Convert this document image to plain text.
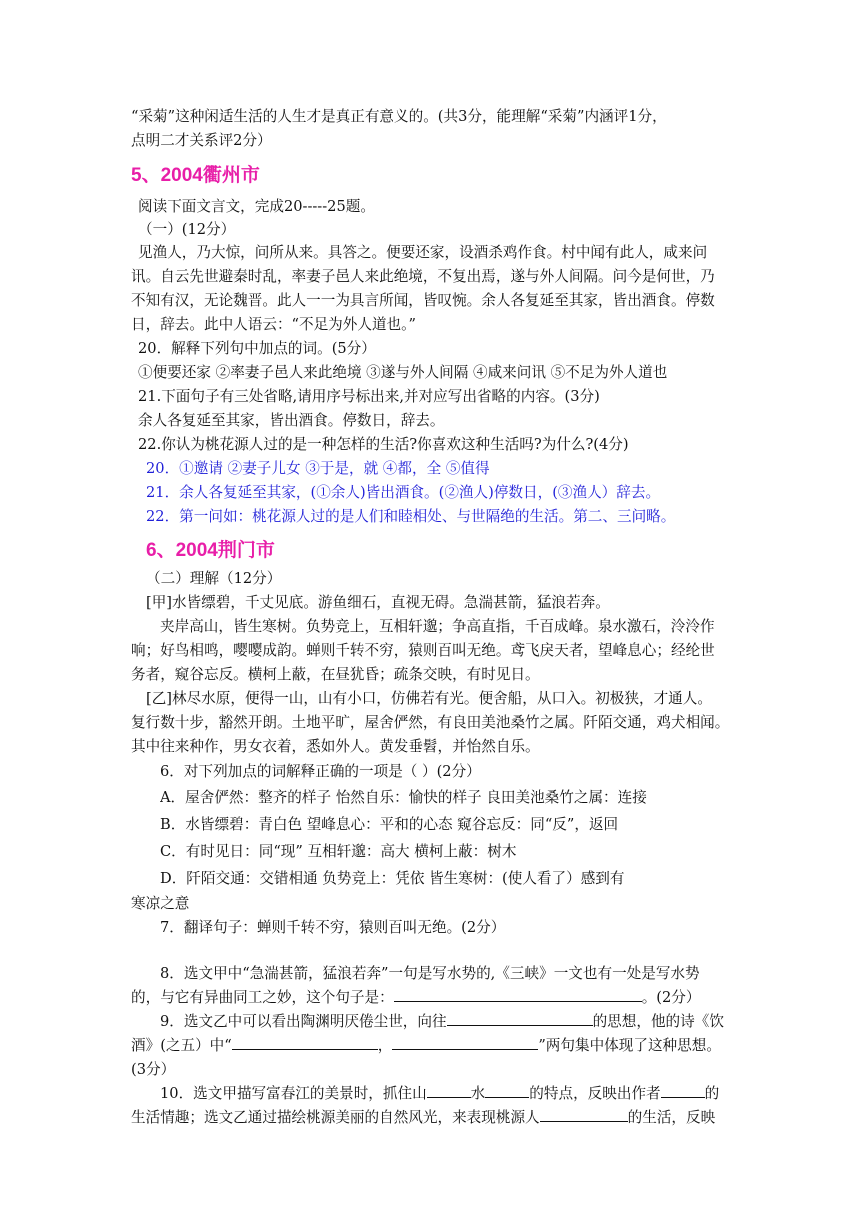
“采菊”这种闲适生活的人生才是真正有意义的。(共3分，能理解“采菊”内涵评1分，
点明二才关系评2分）
5、2004衢州市
阅读下面文言文，完成20-----25题。
（一）(12分）
见渔人，乃大惊，问所从来。具答之。便要还家，设酒杀鸡作食。村中闻有此人，咸来问
讯。自云先世避秦时乱，率妻子邑人来此绝境，不复出焉，遂与外人间隔。问今是何世，乃
不知有汉，无论魏晋。此人一一为具言所闻，皆叹惋。余人各复延至其家，皆出酒食。停数
日，辞去。此中人语云：“不足为外人道也。”
20．解释下列句中加点的词。(5分）
①便要还家 ②率妻子邑人来此绝境 ③遂与外人间隔 ④咸来问讯 ⑤不足为外人道也
21.下面句子有三处省略,请用序号标出来,并对应写出省略的内容。(3分)
余人各复延至其家，皆出酒食。停数日，辞去。
22.你认为桃花源人过的是一种怎样的生活?你喜欢这种生活吗?为什么?(4分)
20．①邀请 ②妻子儿女 ③于是，就 ④都，全 ⑤值得
21．余人各复延至其家，(①余人)皆出酒食。(②渔人)停数日，(③渔人）辞去。
22．第一问如：桃花源人过的是人们和睦相处、与世隔绝的生活。第二、三问略。
6、2004荆门市
（二）理解（12分）
[甲]水皆缥碧，千丈见底。游鱼细石，直视无碍。急湍甚箭，猛浪若奔。
夹岸高山，皆生寒树。负势竞上，互相轩邈；争高直指，千百成峰。泉水激石，泠泠作
响；好鸟相鸣，嘤嘤成韵。蝉则千转不穷，猿则百叫无绝。鸢飞戾天者，望峰息心；经纶世
务者，窥谷忘反。横柯上蔽，在昼犹昏；疏条交映，有时见日。
[乙]林尽水原，便得一山，山有小口，仿佛若有光。便舍船，从口入。初极狭，才通人。
复行数十步，豁然开朗。土地平旷，屋舍俨然，有良田美池桑竹之属。阡陌交通，鸡犬相闻。
其中往来种作，男女衣着，悉如外人。黄发垂髫，并怡然自乐。
6．对下列加点的词解释正确的一项是（ ）(2分）
A．屋舍俨然：整齐的样子 怡然自乐：愉快的样子 良田美池桑竹之属：连接
B．水皆缥碧：青白色 望峰息心：平和的心态 窥谷忘反：同“反”，返回
C．有时见日：同“现” 互相轩邈：高大 横柯上蔽：树木
D．阡陌交通：交错相通 负势竞上：凭依 皆生寒树：(使人看了）感到有
寒凉之意
7．翻译句子：蝉则千转不穷，猿则百叫无绝。(2分）
8．选文甲中“急湍甚箭，猛浪若奔”一句是写水势的,《三峡》一文也有一处是写水势
的，与它有异曲同工之妙，这个句子是：	。(2分）
9．选文乙中可以看出陶渊明厌倦尘世，向往	的思想，他的诗《饮
酒》(之五）中“	，	”两句集中体现了这种思想。
(3分）
10．选文甲描写富春江的美景时，抓住山	水	的特点，反映出作者	的
生活情趣；选文乙通过描绘桃源美丽的自然风光，来表现桃源人	的生活，反映
